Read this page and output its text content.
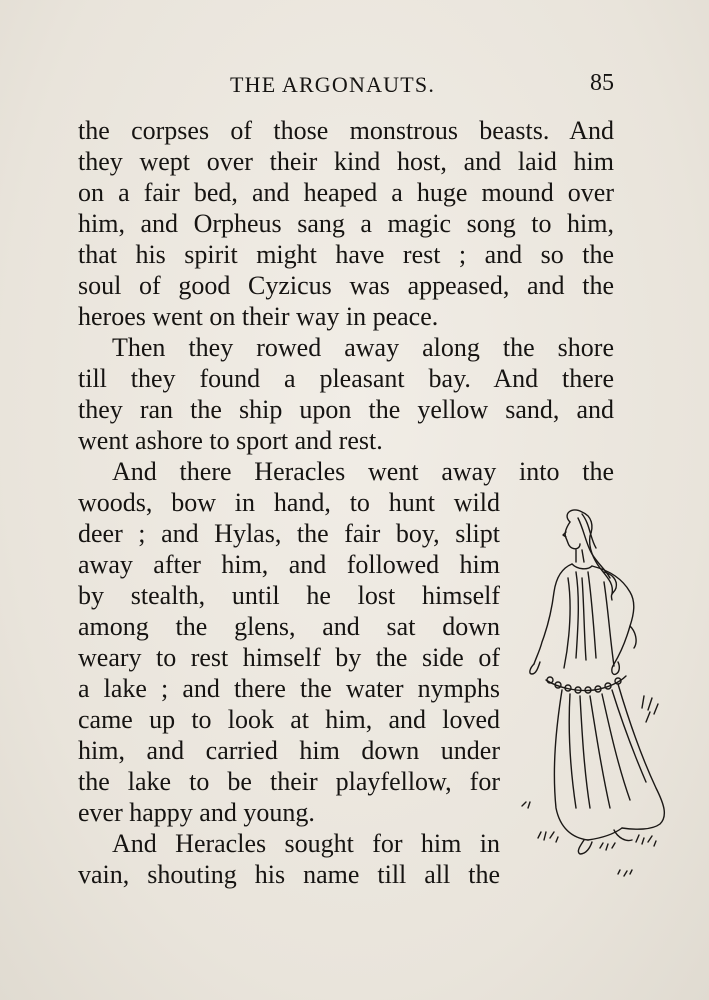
THE ARGONAUTS.	85
the corpses of those monstrous beasts. And
they wept over their kind host, and laid him
on a fair bed, and heaped a huge mound over
him, and Orpheus sang a magic song to him,
that his spirit might have rest ; and so the
soul of good Cyzicus was appeased, and the
heroes went on their way in peace.
Then they rowed away along the shore
till they found a pleasant bay. And there
they ran the ship upon the yellow sand, and
went ashore to sport and rest.
And there Heracles went away into the
woods, bow in hand, to hunt wild
deer ; and Hylas, the fair boy, slipt
away after him, and followed him
by stealth, until he lost himself
among the glens, and sat down
weary to rest himself by the side of
a lake ; and there the water nymphs
came up to look at him, and loved
him, and carried him down under
the lake to be their playfellow, for
ever happy and young.
And Heracles sought for him in
vain, shouting his name till all the
